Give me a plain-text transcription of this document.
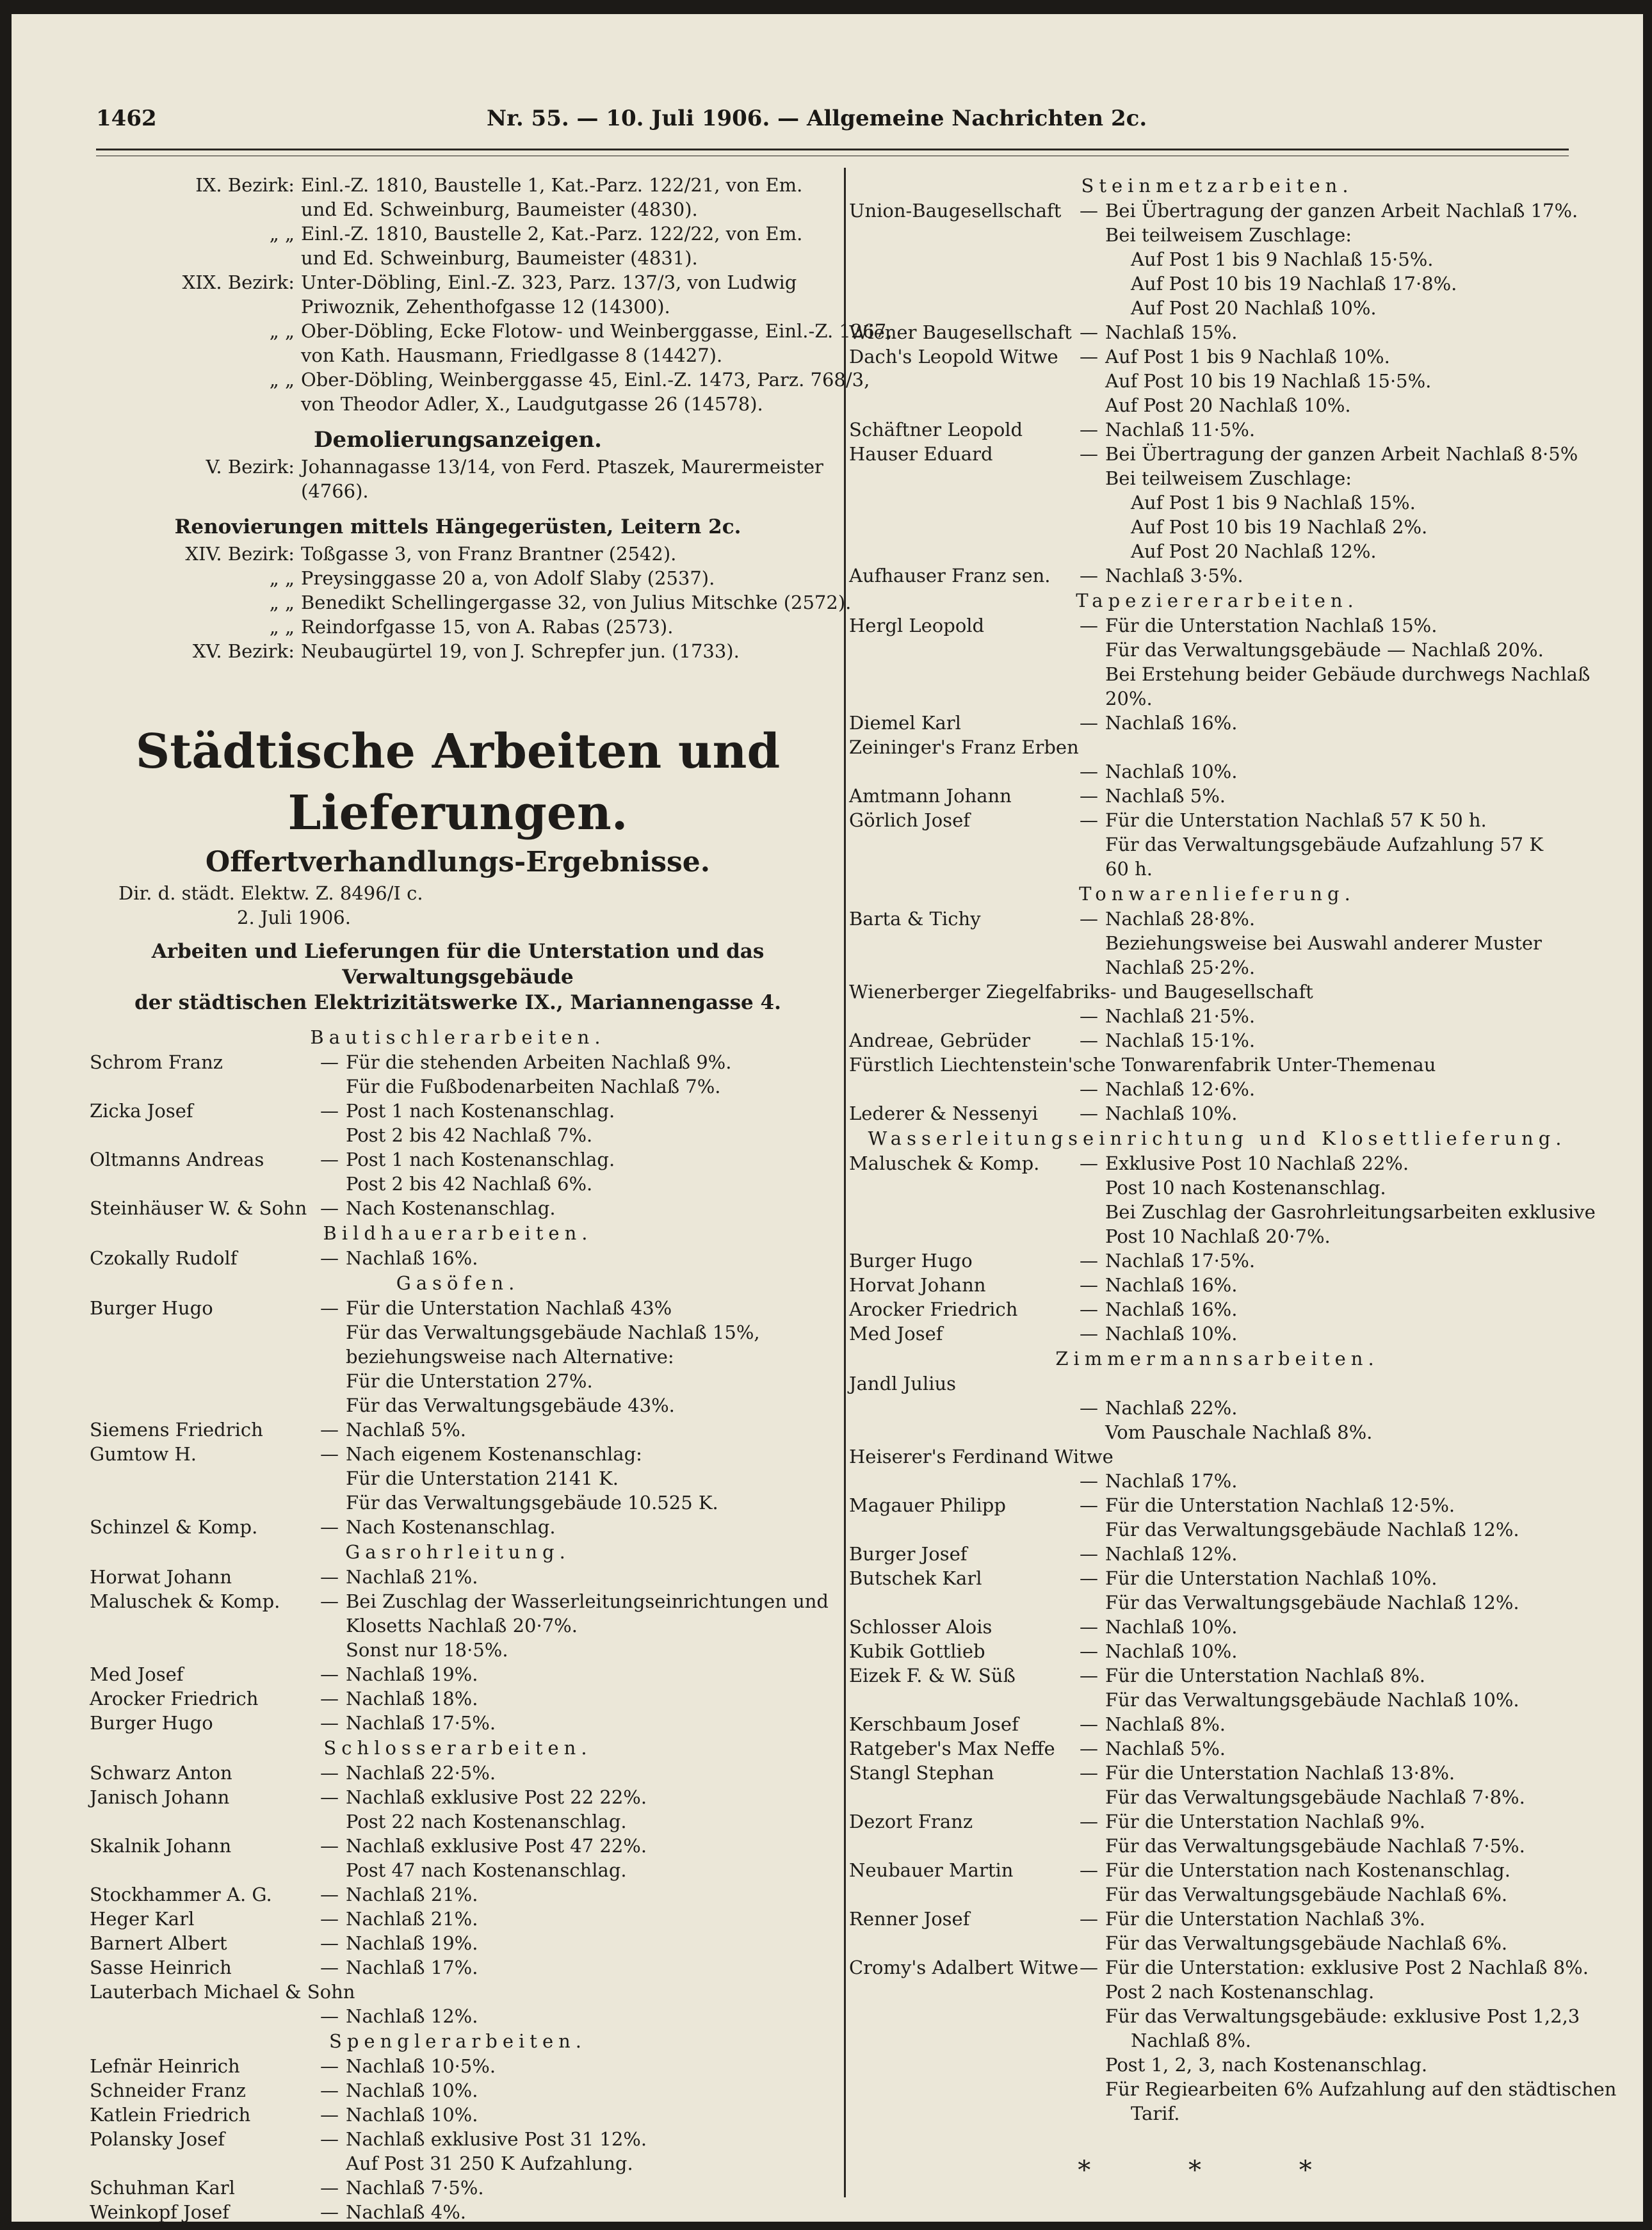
1462	Nr. 55. — 10. Juli 1906. — Allgemeine Nachrichten 2c.
IX. Bezirk: Einl.-Z. 1810, Baustelle 1, Kat.-Parz. 122/21, von Em.
und Ed. Schweinburg, Baumeister (4830).
„ „ Einl.-Z. 1810, Baustelle 2, Kat.-Parz. 122/22, von Em.
und Ed. Schweinburg, Baumeister (4831).
XIX. Bezirk: Unter-Döbling, Einl.-Z. 323, Parz. 137/3, von Ludwig
Priwoznik, Zehenthofgasse 12 (14300).
„ „ Ober-Döbling, Ecke Flotow- und Weinberggasse, Einl.-Z. 1267,
von Kath. Hausmann, Friedlgasse 8 (14427).
„ „ Ober-Döbling, Weinberggasse 45, Einl.-Z. 1473, Parz. 768/3,
von Theodor Adler, X., Laudgutgasse 26 (14578).
Demolierungsanzeigen.
V. Bezirk: Johannagasse 13/14, von Ferd. Ptaszek, Maurermeister
(4766).
Renovierungen mittels Hängegerüsten, Leitern 2c.
XIV. Bezirk: Toßgasse 3, von Franz Brantner (2542).
„ „ Preysinggasse 20 a, von Adolf Slaby (2537).
„ „ Benedikt Schellingergasse 32, von Julius Mitschke (2572).
„ „ Reindorfgasse 15, von A. Rabas (2573).
XV. Bezirk: Neubaugürtel 19, von J. Schrepfer jun. (1733).
Städtische Arbeiten und Lieferungen.
Offertverhandlungs-Ergebnisse.
Dir. d. städt. Elektw. Z. 8496/I c.
2. Juli 1906.
Arbeiten und Lieferungen für die Unterstation und das Verwaltungsgebäude
der städtischen Elektrizitätswerke IX., Mariannengasse 4.
Bautischlerarbeiten.
Schrom Franz	— Für die stehenden Arbeiten Nachlaß 9%.
Für die Fußbodenarbeiten Nachlaß 7%.
Zicka Josef	— Post 1 nach Kostenanschlag.
Post 2 bis 42 Nachlaß 7%.
Oltmanns Andreas	— Post 1 nach Kostenanschlag.
Post 2 bis 42 Nachlaß 6%.
Steinhäuser W. & Sohn — Nach Kostenanschlag.
Bildhauerarbeiten.
Czokally Rudolf	— Nachlaß 16%.
Gasöfen.
Burger Hugo	— Für die Unterstation Nachlaß 43%
Für das Verwaltungsgebäude Nachlaß 15%,
beziehungsweise nach Alternative:
Für die Unterstation 27%.
Für das Verwaltungsgebäude 43%.
Siemens Friedrich	— Nachlaß 5%.
Gumtow H.	— Nach eigenem Kostenanschlag:
Für die Unterstation 2141 K.
Für das Verwaltungsgebäude 10.525 K.
Schinzel & Komp.	— Nach Kostenanschlag.
Gasrohrleitung.
Horwat Johann	— Nachlaß 21%.
Maluschek & Komp.	— Bei Zuschlag der Wasserleitungseinrichtungen und
Klosetts Nachlaß 20·7%.
Sonst nur 18·5%.
Med Josef	— Nachlaß 19%.
Arocker Friedrich	— Nachlaß 18%.
Burger Hugo	— Nachlaß 17·5%.
Schlosserarbeiten.
Schwarz Anton	— Nachlaß 22·5%.
Janisch Johann	— Nachlaß exklusive Post 22 22%.
Post 22 nach Kostenanschlag.
Skalnik Johann	— Nachlaß exklusive Post 47 22%.
Post 47 nach Kostenanschlag.
Stockhammer A. G.	— Nachlaß 21%.
Heger Karl	— Nachlaß 21%.
Barnert Albert	— Nachlaß 19%.
Sasse Heinrich	— Nachlaß 17%.
Lauterbach Michael & Sohn
— Nachlaß 12%.
Spenglerarbeiten.
Lefnär Heinrich	— Nachlaß 10·5%.
Schneider Franz	— Nachlaß 10%.
Katlein Friedrich	— Nachlaß 10%.
Polansky Josef	— Nachlaß exklusive Post 31 12%.
Auf Post 31 250 K Aufzahlung.
Schuhman Karl	— Nachlaß 7·5%.
Weinkopf Josef	— Nachlaß 4%.
Steinmetzarbeiten.
Union-Baugesellschaft — Bei Übertragung der ganzen Arbeit Nachlaß 17%.
Bei teilweisem Zuschlage:
Auf Post 1 bis 9 Nachlaß 15·5%.
Auf Post 10 bis 19 Nachlaß 17·8%.
Auf Post 20 Nachlaß 10%.
Wiener Baugesellschaft — Nachlaß 15%.
Dach's Leopold Witwe	— Auf Post 1 bis 9 Nachlaß 10%.
Auf Post 10 bis 19 Nachlaß 15·5%.
Auf Post 20 Nachlaß 10%.
Schäftner Leopold	— Nachlaß 11·5%.
Hauser Eduard	— Bei Übertragung der ganzen Arbeit Nachlaß 8·5%
Bei teilweisem Zuschlage:
Auf Post 1 bis 9 Nachlaß 15%.
Auf Post 10 bis 19 Nachlaß 2%.
Auf Post 20 Nachlaß 12%.
Aufhauser Franz sen.	— Nachlaß 3·5%.
Tapeziererarbeiten.
Hergl Leopold	— Für die Unterstation Nachlaß 15%.
Für das Verwaltungsgebäude — Nachlaß 20%.
Bei Erstehung beider Gebäude durchwegs Nachlaß
20%.
Diemel Karl	— Nachlaß 16%.
Zeininger's Franz Erben
— Nachlaß 10%.
Amtmann Johann	— Nachlaß 5%.
Görlich Josef	— Für die Unterstation Nachlaß 57 K 50 h.
Für das Verwaltungsgebäude Aufzahlung 57 K
60 h.
Tonwarenlieferung.
Barta & Tichy	— Nachlaß 28·8%.
Beziehungsweise bei Auswahl anderer Muster
Nachlaß 25·2%.
Wienerberger Ziegelfabriks- und Baugesellschaft
— Nachlaß 21·5%.
Andreae, Gebrüder	— Nachlaß 15·1%.
Fürstlich Liechtenstein'sche Tonwarenfabrik Unter-Themenau
— Nachlaß 12·6%.
Lederer & Nessenyi	— Nachlaß 10%.
Wasserleitungseinrichtung und Klosettlieferung.
Maluschek & Komp.	— Exklusive Post 10 Nachlaß 22%.
Post 10 nach Kostenanschlag.
Bei Zuschlag der Gasrohrleitungsarbeiten exklusive
Post 10 Nachlaß 20·7%.
Burger Hugo	— Nachlaß 17·5%.
Horvat Johann	— Nachlaß 16%.
Arocker Friedrich	— Nachlaß 16%.
Med Josef	— Nachlaß 10%.
Zimmermannsarbeiten.
Jandl Julius
— Nachlaß 22%.
Vom Pauschale Nachlaß 8%.
Heiserer's Ferdinand Witwe
— Nachlaß 17%.
Magauer Philipp	— Für die Unterstation Nachlaß 12·5%.
Für das Verwaltungsgebäude Nachlaß 12%.
Burger Josef	— Nachlaß 12%.
Butschek Karl	— Für die Unterstation Nachlaß 10%.
Für das Verwaltungsgebäude Nachlaß 12%.
Schlosser Alois	— Nachlaß 10%.
Kubik Gottlieb	— Nachlaß 10%.
Eizek F. & W. Süß	— Für die Unterstation Nachlaß 8%.
Für das Verwaltungsgebäude Nachlaß 10%.
Kerschbaum Josef	— Nachlaß 8%.
Ratgeber's Max Neffe	— Nachlaß 5%.
Stangl Stephan	— Für die Unterstation Nachlaß 13·8%.
Für das Verwaltungsgebäude Nachlaß 7·8%.
Dezort Franz	— Für die Unterstation Nachlaß 9%.
Für das Verwaltungsgebäude Nachlaß 7·5%.
Neubauer Martin	— Für die Unterstation nach Kostenanschlag.
Für das Verwaltungsgebäude Nachlaß 6%.
Renner Josef	— Für die Unterstation Nachlaß 3%.
Für das Verwaltungsgebäude Nachlaß 6%.
Cromy's Adalbert Witwe — Für die Unterstation: exklusive Post 2 Nachlaß 8%.
Post 2 nach Kostenanschlag.
Für das Verwaltungsgebäude: exklusive Post 1,2,3
Nachlaß 8%.
Post 1, 2, 3, nach Kostenanschlag.
Für Regiearbeiten 6% Aufzahlung auf den städtischen
Tarif.
* * *
